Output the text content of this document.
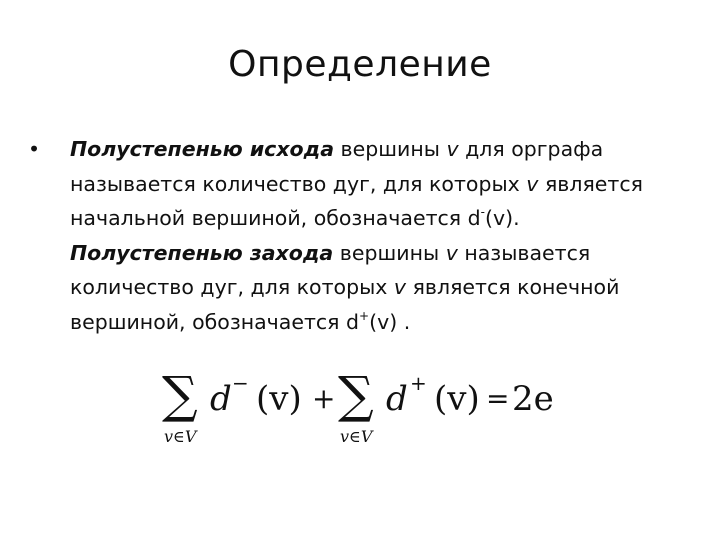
Определение
•	Полустепенью исхода вершины v для орграфа называется количество дуг, для которых v является начальной вершиной, обозначается d-(v).
Полустепенью захода вершины v называется количество дуг, для которых v является конечной вершиной, обозначается d+(v) .
∑
v∈V
d − (v) + ∑
v∈V
d + (v) = 2e
